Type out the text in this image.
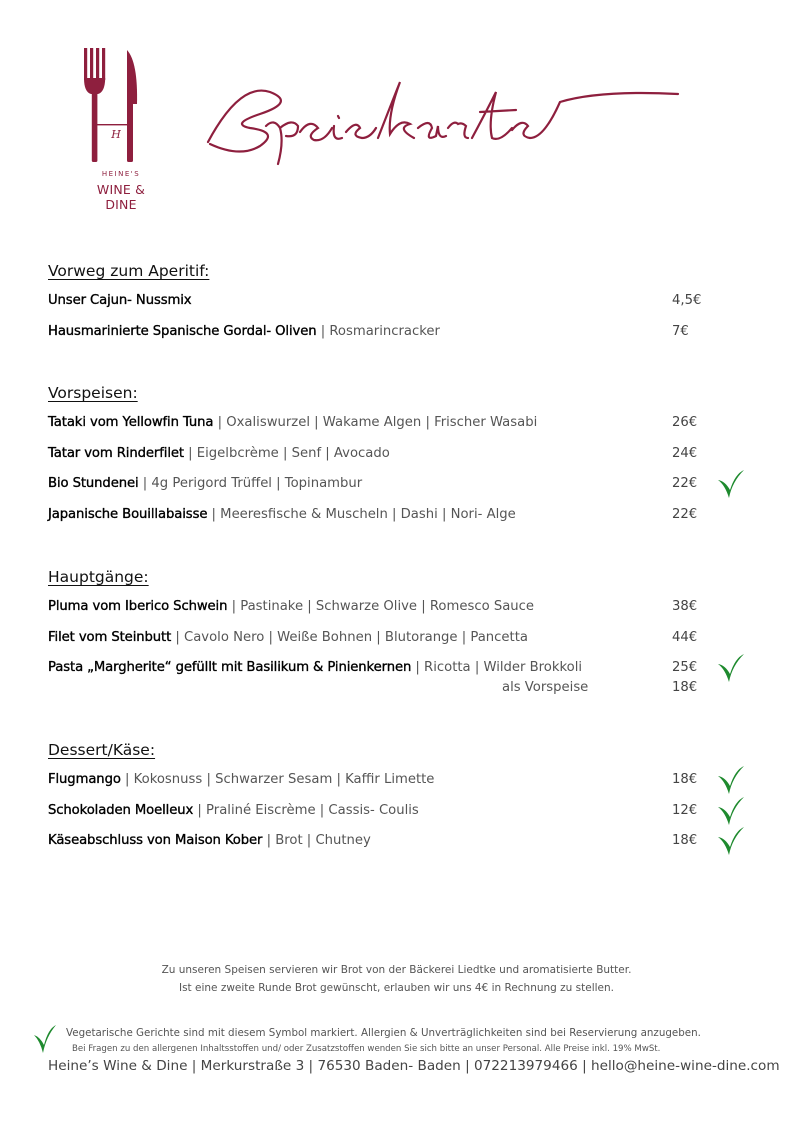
H
HEINE'S
WINE & DINE
Vorweg zum Aperitif:
Unser Cajun- Nussmix	4,5€
Hausmarinierte Spanische Gordal- Oliven | Rosmarincracker	7€
Vorspeisen:
Tataki vom Yellowfin Tuna | Oxaliswurzel | Wakame Algen | Frischer Wasabi	26€
Tatar vom Rinderfilet | Eigelbcrème | Senf | Avocado	24€
Bio Stundenei | 4g Perigord Trüffel | Topinambur	22€
Japanische Bouillabaisse | Meeresfische & Muscheln | Dashi | Nori- Alge	22€
Hauptgänge:
Pluma vom Iberico Schwein | Pastinake | Schwarze Olive | Romesco Sauce	38€
Filet vom Steinbutt | Cavolo Nero | Weiße Bohnen | Blutorange | Pancetta	44€
Pasta „Margherite“ gefüllt mit Basilikum & Pinienkernen | Ricotta | Wilder Brokkoli	25€
als Vorspeise	18€
Dessert/Käse:
Flugmango | Kokosnuss | Schwarzer Sesam | Kaffir Limette	18€
Schokoladen Moelleux | Praliné Eiscrème | Cassis- Coulis	12€
Käseabschluss von Maison Kober | Brot | Chutney	18€
Zu unseren Speisen servieren wir Brot von der Bäckerei Liedtke und aromatisierte Butter.
Ist eine zweite Runde Brot gewünscht, erlauben wir uns 4€ in Rechnung zu stellen.
Vegetarische Gerichte sind mit diesem Symbol markiert. Allergien & Unverträglichkeiten sind bei Reservierung anzugeben.
Bei Fragen zu den allergenen Inhaltsstoffen und/ oder Zusatzstoffen wenden Sie sich bitte an unser Personal. Alle Preise inkl. 19% MwSt.
Heine’s Wine & Dine | Merkurstraße 3 | 76530 Baden- Baden | 072213979466 | hello@heine-wine-dine.com
